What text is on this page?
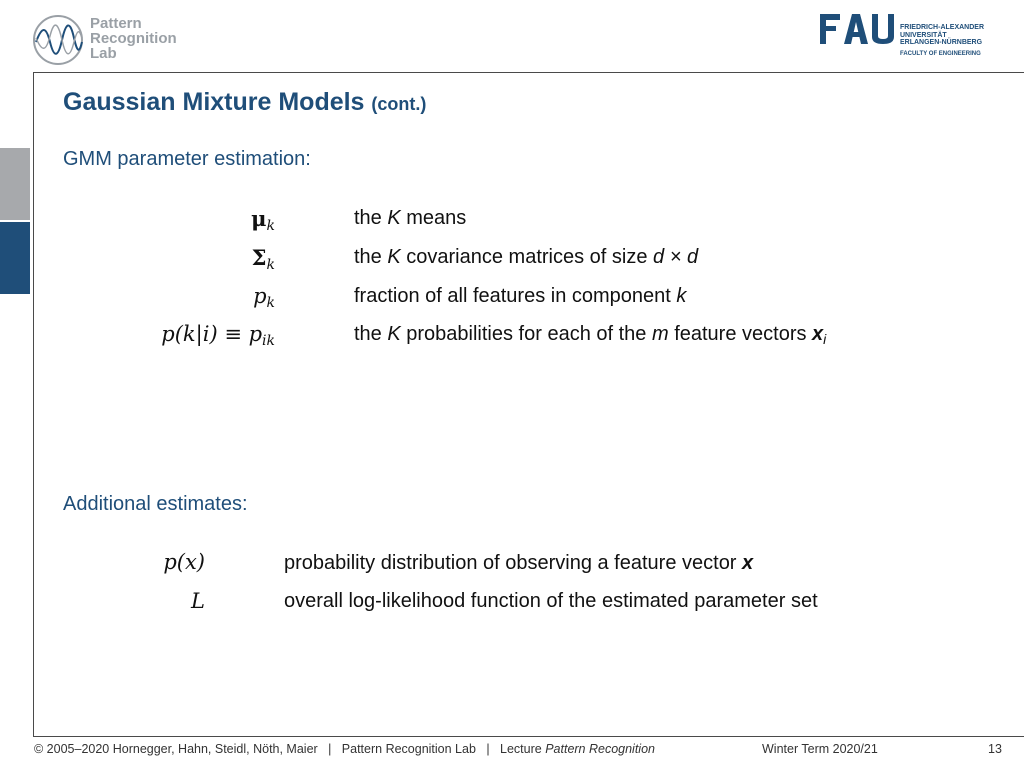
Pattern
Recognition
Lab
FRIEDRICH-ALEXANDER
UNIVERSITÄT
ERLANGEN-NÜRNBERG
FACULTY OF ENGINEERING
Gaussian Mixture Models (cont.)
GMM parameter estimation:
$\mu_k$	the K means
$\Sigma_k$	the K covariance matrices of size d × d
$p_k$	fraction of all features in component k
$p(k|i) \equiv p_{ik}$	the K probabilities for each of the m feature vectors $x_i$
Additional estimates:
p(x)	probability distribution of observing a feature vector x
L	overall log-likelihood function of the estimated parameter set
© 2005–2020 Hornegger, Hahn, Steidl, Nöth, Maier | Pattern Recognition Lab | Lecture Pattern Recognition	Winter Term 2020/21	13
